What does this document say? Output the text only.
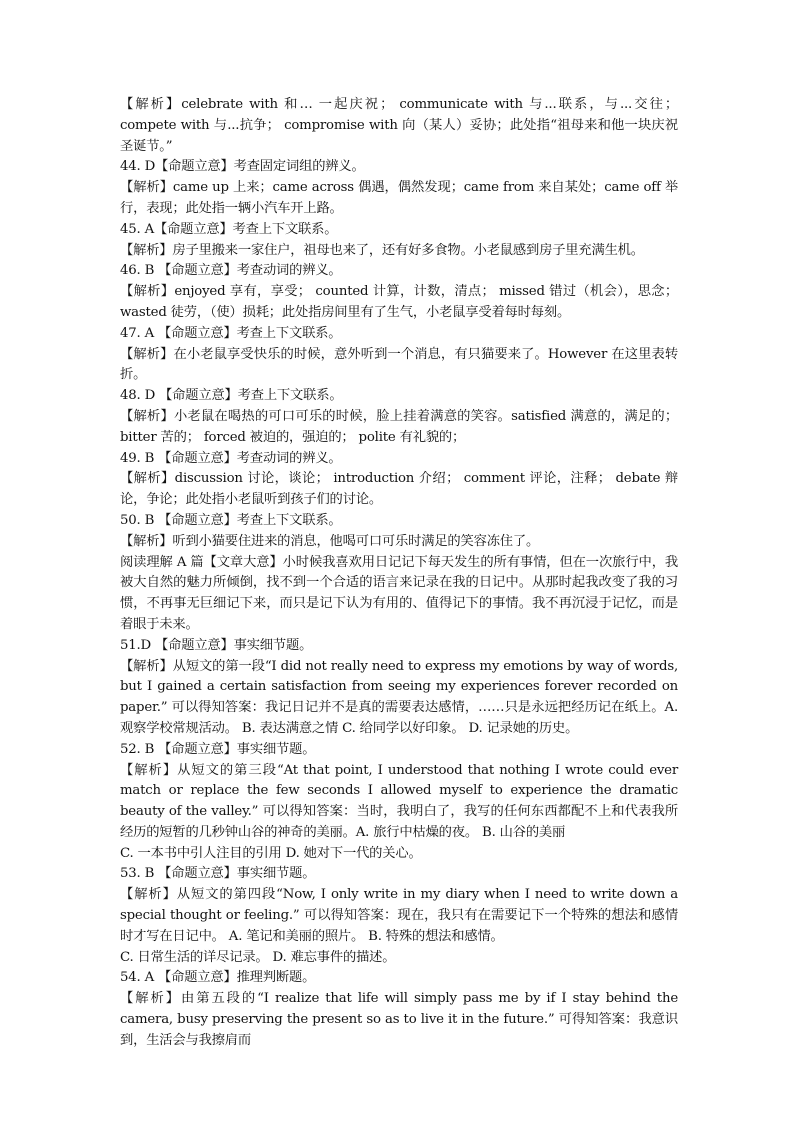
【解析】celebrate with 和… 一起庆祝； communicate with 与...联系，与...交往； compete with 与...抗争； compromise with 向（某人）妥协；此处指“祖母来和他一块庆祝圣诞节。”

44. D【命题立意】考查固定词组的辨义。

【解析】came up 上来；came across 偶遇，偶然发现；came from 来自某处；came off 举行，表现；此处指一辆小汽车开上路。

45. A【命题立意】考查上下文联系。

【解析】房子里搬来一家住户，祖母也来了，还有好多食物。小老鼠感到房子里充满生机。

46. B 【命题立意】考查动词的辨义。

【解析】enjoyed 享有，享受； counted 计算，计数，清点； missed 错过（机会），思念； wasted 徒劳，（使）损耗；此处指房间里有了生气，小老鼠享受着每时每刻。

47. A 【命题立意】考查上下文联系。

【解析】在小老鼠享受快乐的时候，意外听到一个消息，有只猫要来了。However 在这里表转折。

48. D 【命题立意】考查上下文联系。

【解析】小老鼠在喝热的可口可乐的时候，脸上挂着满意的笑容。satisfied 满意的，满足的； bitter 苦的； forced 被迫的，强迫的； polite 有礼貌的；

49. B 【命题立意】考查动词的辨义。

【解析】discussion 讨论，谈论； introduction 介绍； comment 评论，注释； debate 辩论，争论；此处指小老鼠听到孩子们的讨论。

50. B 【命题立意】考查上下文联系。

【解析】听到小猫要住进来的消息，他喝可口可乐时满足的笑容冻住了。

阅读理解 A 篇【文章大意】小时候我喜欢用日记记下每天发生的所有事情，但在一次旅行中，我被大自然的魅力所倾倒，找不到一个合适的语言来记录在我的日记中。从那时起我改变了我的习惯，不再事无巨细记下来，而只是记下认为有用的、值得记下的事情。我不再沉浸于记忆，而是着眼于未来。

51.D 【命题立意】事实细节题。

【解析】从短文的第一段“I did not really need to express my emotions by way of words, but I gained a certain satisfaction from seeing my experiences forever recorded on paper.” 可以得知答案：我记日记并不是真的需要表达感情，……只是永远把经历记在纸上。A. 观察学校常规活动。 B. 表达满意之情 C. 给同学以好印象。 D. 记录她的历史。

52. B 【命题立意】事实细节题。

【解析】从短文的第三段“At that point, I understood that nothing I wrote could ever match or replace the few seconds I allowed myself to experience the dramatic beauty of the valley.” 可以得知答案：当时，我明白了，我写的任何东西都配不上和代表我所经历的短暂的几秒钟山谷的神奇的美丽。A. 旅行中枯燥的夜。 B. 山谷的美丽

C. 一本书中引人注目的引用 D. 她对下一代的关心。

53. B 【命题立意】事实细节题。

【解析】从短文的第四段“Now, I only write in my diary when I need to write down a special thought or feeling.” 可以得知答案：现在，我只有在需要记下一个特殊的想法和感情时才写在日记中。 A. 笔记和美丽的照片。 B. 特殊的想法和感情。

C. 日常生活的详尽记录。 D. 难忘事件的描述。

54. A 【命题立意】推理判断题。

【解析】由第五段的“I realize that life will simply pass me by if I stay behind the camera, busy preserving the present so as to live it in the future.” 可得知答案：我意识到，生活会与我擦肩而
